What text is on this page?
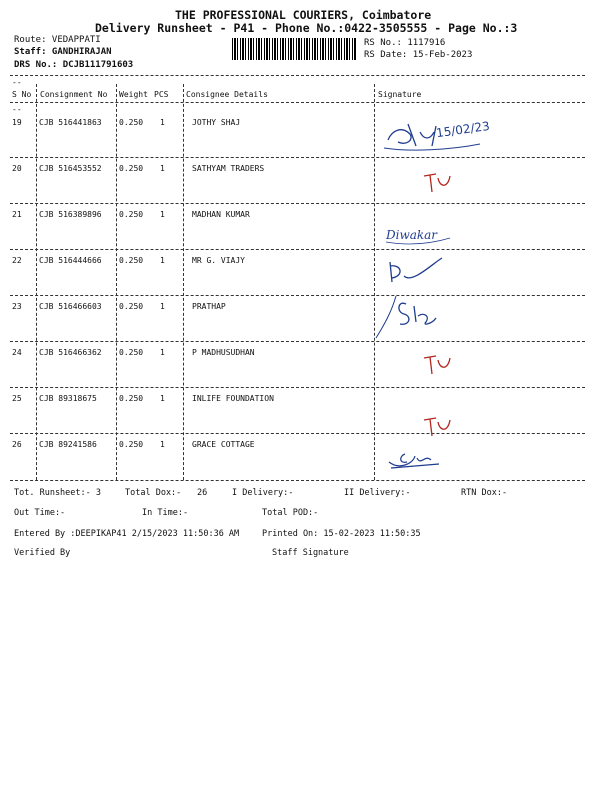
THE PROFESSIONAL COURIERS, Coimbatore
Delivery Runsheet - P41 - Phone No.:0422-3505555 - Page No.:3
Route: VEDAPPATI
Staff: GANDHIRAJAN
DRS No.: DCJB111791603
RS No.: 1117916
RS Date: 15-Feb-2023
--
S No Consignment No Weight PCS Consignee Details	Signature
--
19 CJB 516441863 0.250 1	JOTHY SHAJ
20 CJB 516453552 0.250 1	SATHYAM TRADERS
21 CJB 516389896 0.250 1	MADHAN KUMAR
22 CJB 516444666 0.250 1	MR G. VIAJY
23 CJB 516466603 0.250 1	PRATHAP
24 CJB 516466362 0.250 1	P MADHUSUDHAN
25 CJB 89318675	0.250 1	INLIFE FOUNDATION
26 CJB 89241586	0.250 1	GRACE COTTAGE
15/02/23
Diwakar
Tot. Runsheet:- 3	Total Dox:- 26	I Delivery:-	II Delivery:-	RTN Dox:-
Out Time:-	In Time:-	Total POD:-
Entered By :DEEPIKAP41 2/15/2023 11:50:36 AM	Printed On: 15-02-2023 11:50:35
Verified By	Staff Signature
